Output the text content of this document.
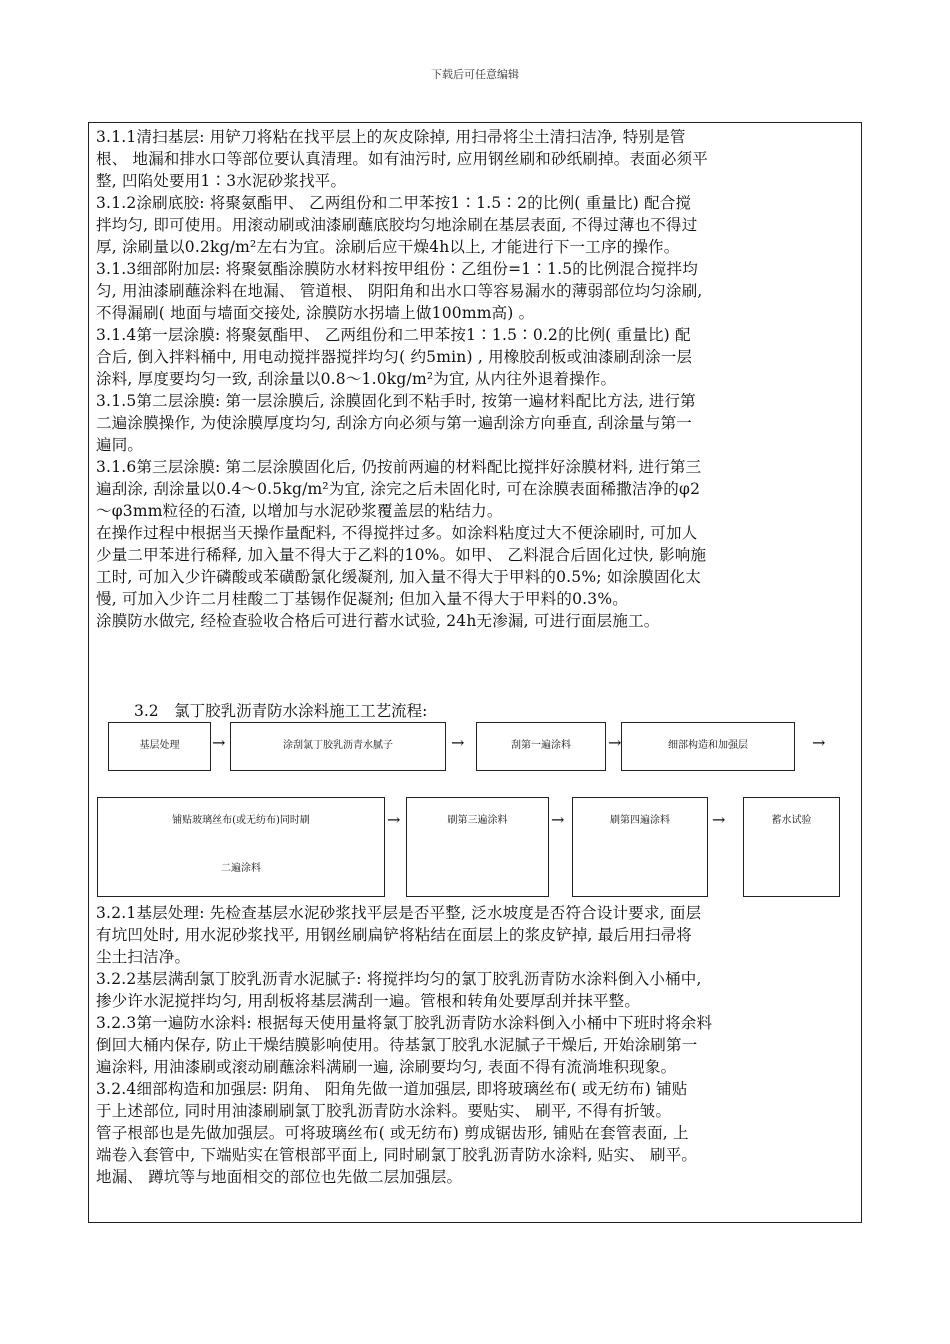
下载后可任意编辑
3.1.1清扫基层: 用铲刀将粘在找平层上的灰皮除掉, 用扫帚将尘土清扫洁净, 特别是管
根、 地漏和排水口等部位要认真清理。如有油污时, 应用钢丝刷和砂纸刷掉。表面必须平
整, 凹陷处要用1∶3水泥砂浆找平。
3.1.2涂刷底胶: 将聚氨酯甲、 乙两组份和二甲苯按1∶1.5∶2的比例( 重量比) 配合搅
拌均匀, 即可使用。用滚动刷或油漆刷蘸底胶均匀地涂刷在基层表面, 不得过薄也不得过
厚, 涂刷量以0.2kg/m²左右为宜。涂刷后应干燥4h以上, 才能进行下一工序的操作。
3.1.3细部附加层: 将聚氨酯涂膜防水材料按甲组份∶乙组份=1∶1.5的比例混合搅拌均
匀, 用油漆刷蘸涂料在地漏、 管道根、 阴阳角和出水口等容易漏水的薄弱部位均匀涂刷,
不得漏刷( 地面与墙面交接处, 涂膜防水拐墙上做100mm高) 。
3.1.4第一层涂膜: 将聚氨酯甲、 乙两组份和二甲苯按1∶1.5∶0.2的比例( 重量比) 配
合后, 倒入拌料桶中, 用电动搅拌器搅拌均匀( 约5min) , 用橡胶刮板或油漆刷刮涂一层
涂料, 厚度要均匀一致, 刮涂量以0.8～1.0kg/m²为宜, 从内往外退着操作。
3.1.5第二层涂膜: 第一层涂膜后, 涂膜固化到不粘手时, 按第一遍材料配比方法, 进行第
二遍涂膜操作, 为使涂膜厚度均匀, 刮涂方向必须与第一遍刮涂方向垂直, 刮涂量与第一
遍同。
3.1.6第三层涂膜: 第二层涂膜固化后, 仍按前两遍的材料配比搅拌好涂膜材料, 进行第三
遍刮涂, 刮涂量以0.4～0.5kg/m²为宜, 涂完之后未固化时, 可在涂膜表面稀撒洁净的φ2
～φ3mm粒径的石渣, 以增加与水泥砂浆覆盖层的粘结力。
在操作过程中根据当天操作量配料, 不得搅拌过多。如涂料粘度过大不便涂刷时, 可加人
少量二甲苯进行稀释, 加入量不得大于乙料的10%。如甲、 乙料混合后固化过快, 影响施
工时, 可加入少许磷酸或苯磺酚氯化缓凝剂, 加入量不得大于甲料的0.5%; 如涂膜固化太
慢, 可加入少许二月桂酸二丁基锡作促凝剂; 但加入量不得大于甲料的0.3%。
涂膜防水做完, 经检查验收合格后可进行蓄水试验, 24h无渗漏, 可进行面层施工。
3.2　氯丁胶乳沥青防水涂料施工工艺流程:
基层处理	→	涂刮氯丁胶乳沥青水腻子	→	刮第一遍涂料	→	细部构造和加强层	→
铺贴玻璃丝布(或无纺布)同时刷
二遍涂料
→	刷第三遍涂料	→	刷第四遍涂料	→	蓄水试验
3.2.1基层处理: 先检查基层水泥砂浆找平层是否平整, 泛水坡度是否符合设计要求, 面层
有坑凹处时, 用水泥砂浆找平, 用钢丝刷扁铲将粘结在面层上的浆皮铲掉, 最后用扫帚将
尘土扫洁净。
3.2.2基层满刮氯丁胶乳沥青水泥腻子: 将搅拌均匀的氯丁胶乳沥青防水涂料倒入小桶中,
掺少许水泥搅拌均匀, 用刮板将基层满刮一遍。管根和转角处要厚刮并抹平整。
3.2.3第一遍防水涂料: 根据每天使用量将氯丁胶乳沥青防水涂料倒入小桶中下班时将余料
倒回大桶内保存, 防止干燥结膜影响使用。待基氯丁胶乳水泥腻子干燥后, 开始涂刷第一
遍涂料, 用油漆刷或滚动刷蘸涂料满刷一遍, 涂刷要均匀, 表面不得有流淌堆积现象。
3.2.4细部构造和加强层: 阴角、 阳角先做一道加强层, 即将玻璃丝布( 或无纺布) 铺贴
于上述部位, 同时用油漆刷刷氯丁胶乳沥青防水涂料。要贴实、 刷平, 不得有折皱。
管子根部也是先做加强层。可将玻璃丝布( 或无纺布) 剪成锯齿形, 铺贴在套管表面, 上
端卷入套管中, 下端贴实在管根部平面上, 同时刷氯丁胶乳沥青防水涂料, 贴实、 刷平。
地漏、 蹲坑等与地面相交的部位也先做二层加强层。
